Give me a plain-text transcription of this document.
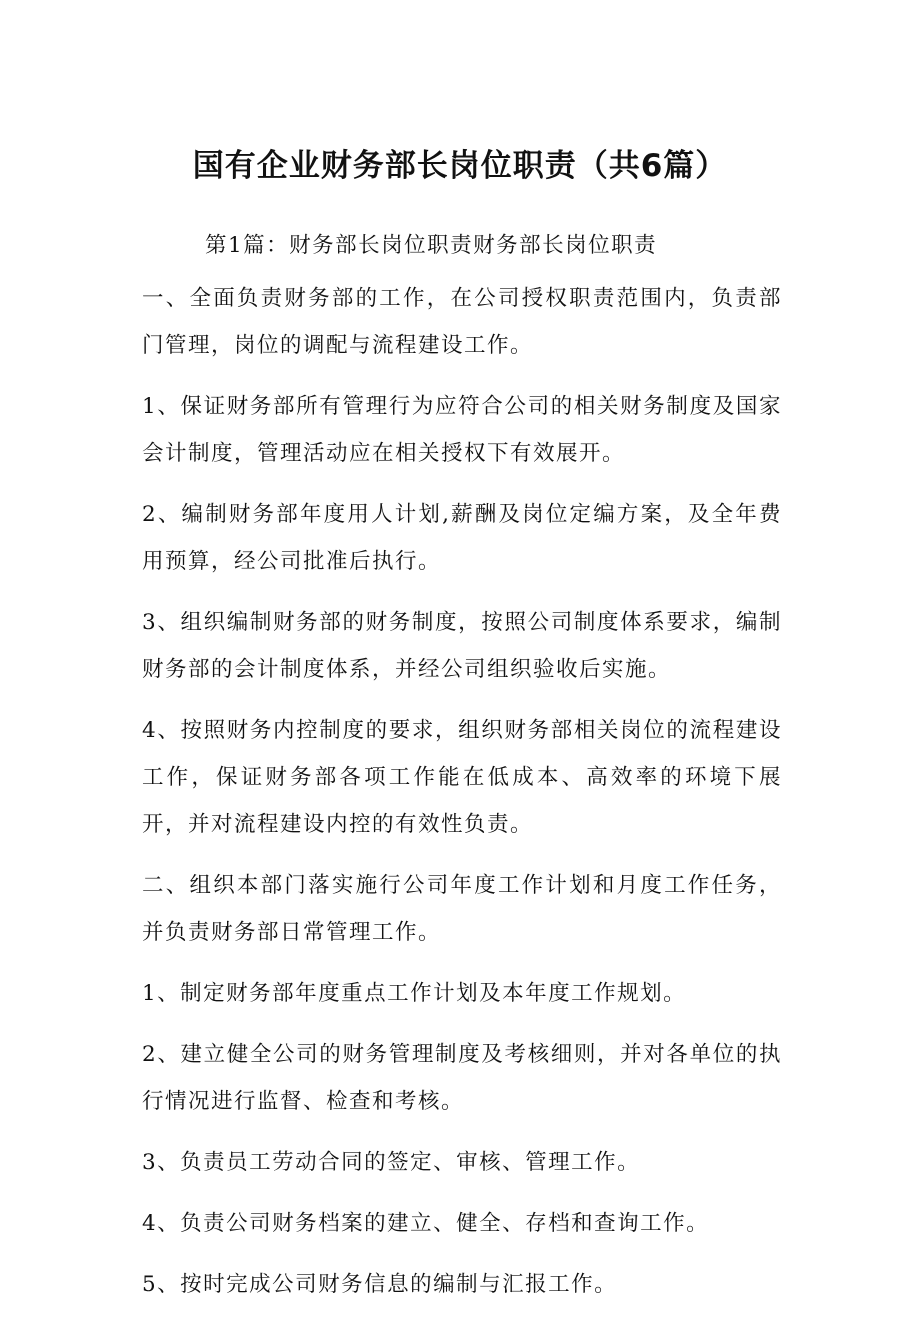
国有企业财务部长岗位职责（共6篇）
第1篇：财务部长岗位职责财务部长岗位职责

一、全面负责财务部的工作，在公司授权职责范围内，负责部门管理，岗位的调配与流程建设工作。

1、保证财务部所有管理行为应符合公司的相关财务制度及国家会计制度，管理活动应在相关授权下有效展开。

2、编制财务部年度用人计划,薪酬及岗位定编方案，及全年费用预算，经公司批准后执行。

3、组织编制财务部的财务制度，按照公司制度体系要求，编制财务部的会计制度体系，并经公司组织验收后实施。

4、按照财务内控制度的要求，组织财务部相关岗位的流程建设工作，保证财务部各项工作能在低成本、高效率的环境下展开，并对流程建设内控的有效性负责。

二、组织本部门落实施行公司年度工作计划和月度工作任务，并负责财务部日常管理工作。

1、制定财务部年度重点工作计划及本年度工作规划。

2、建立健全公司的财务管理制度及考核细则，并对各单位的执行情况进行监督、检查和考核。

3、负责员工劳动合同的签定、审核、管理工作。

4、负责公司财务档案的建立、健全、存档和查询工作。

5、按时完成公司财务信息的编制与汇报工作。
